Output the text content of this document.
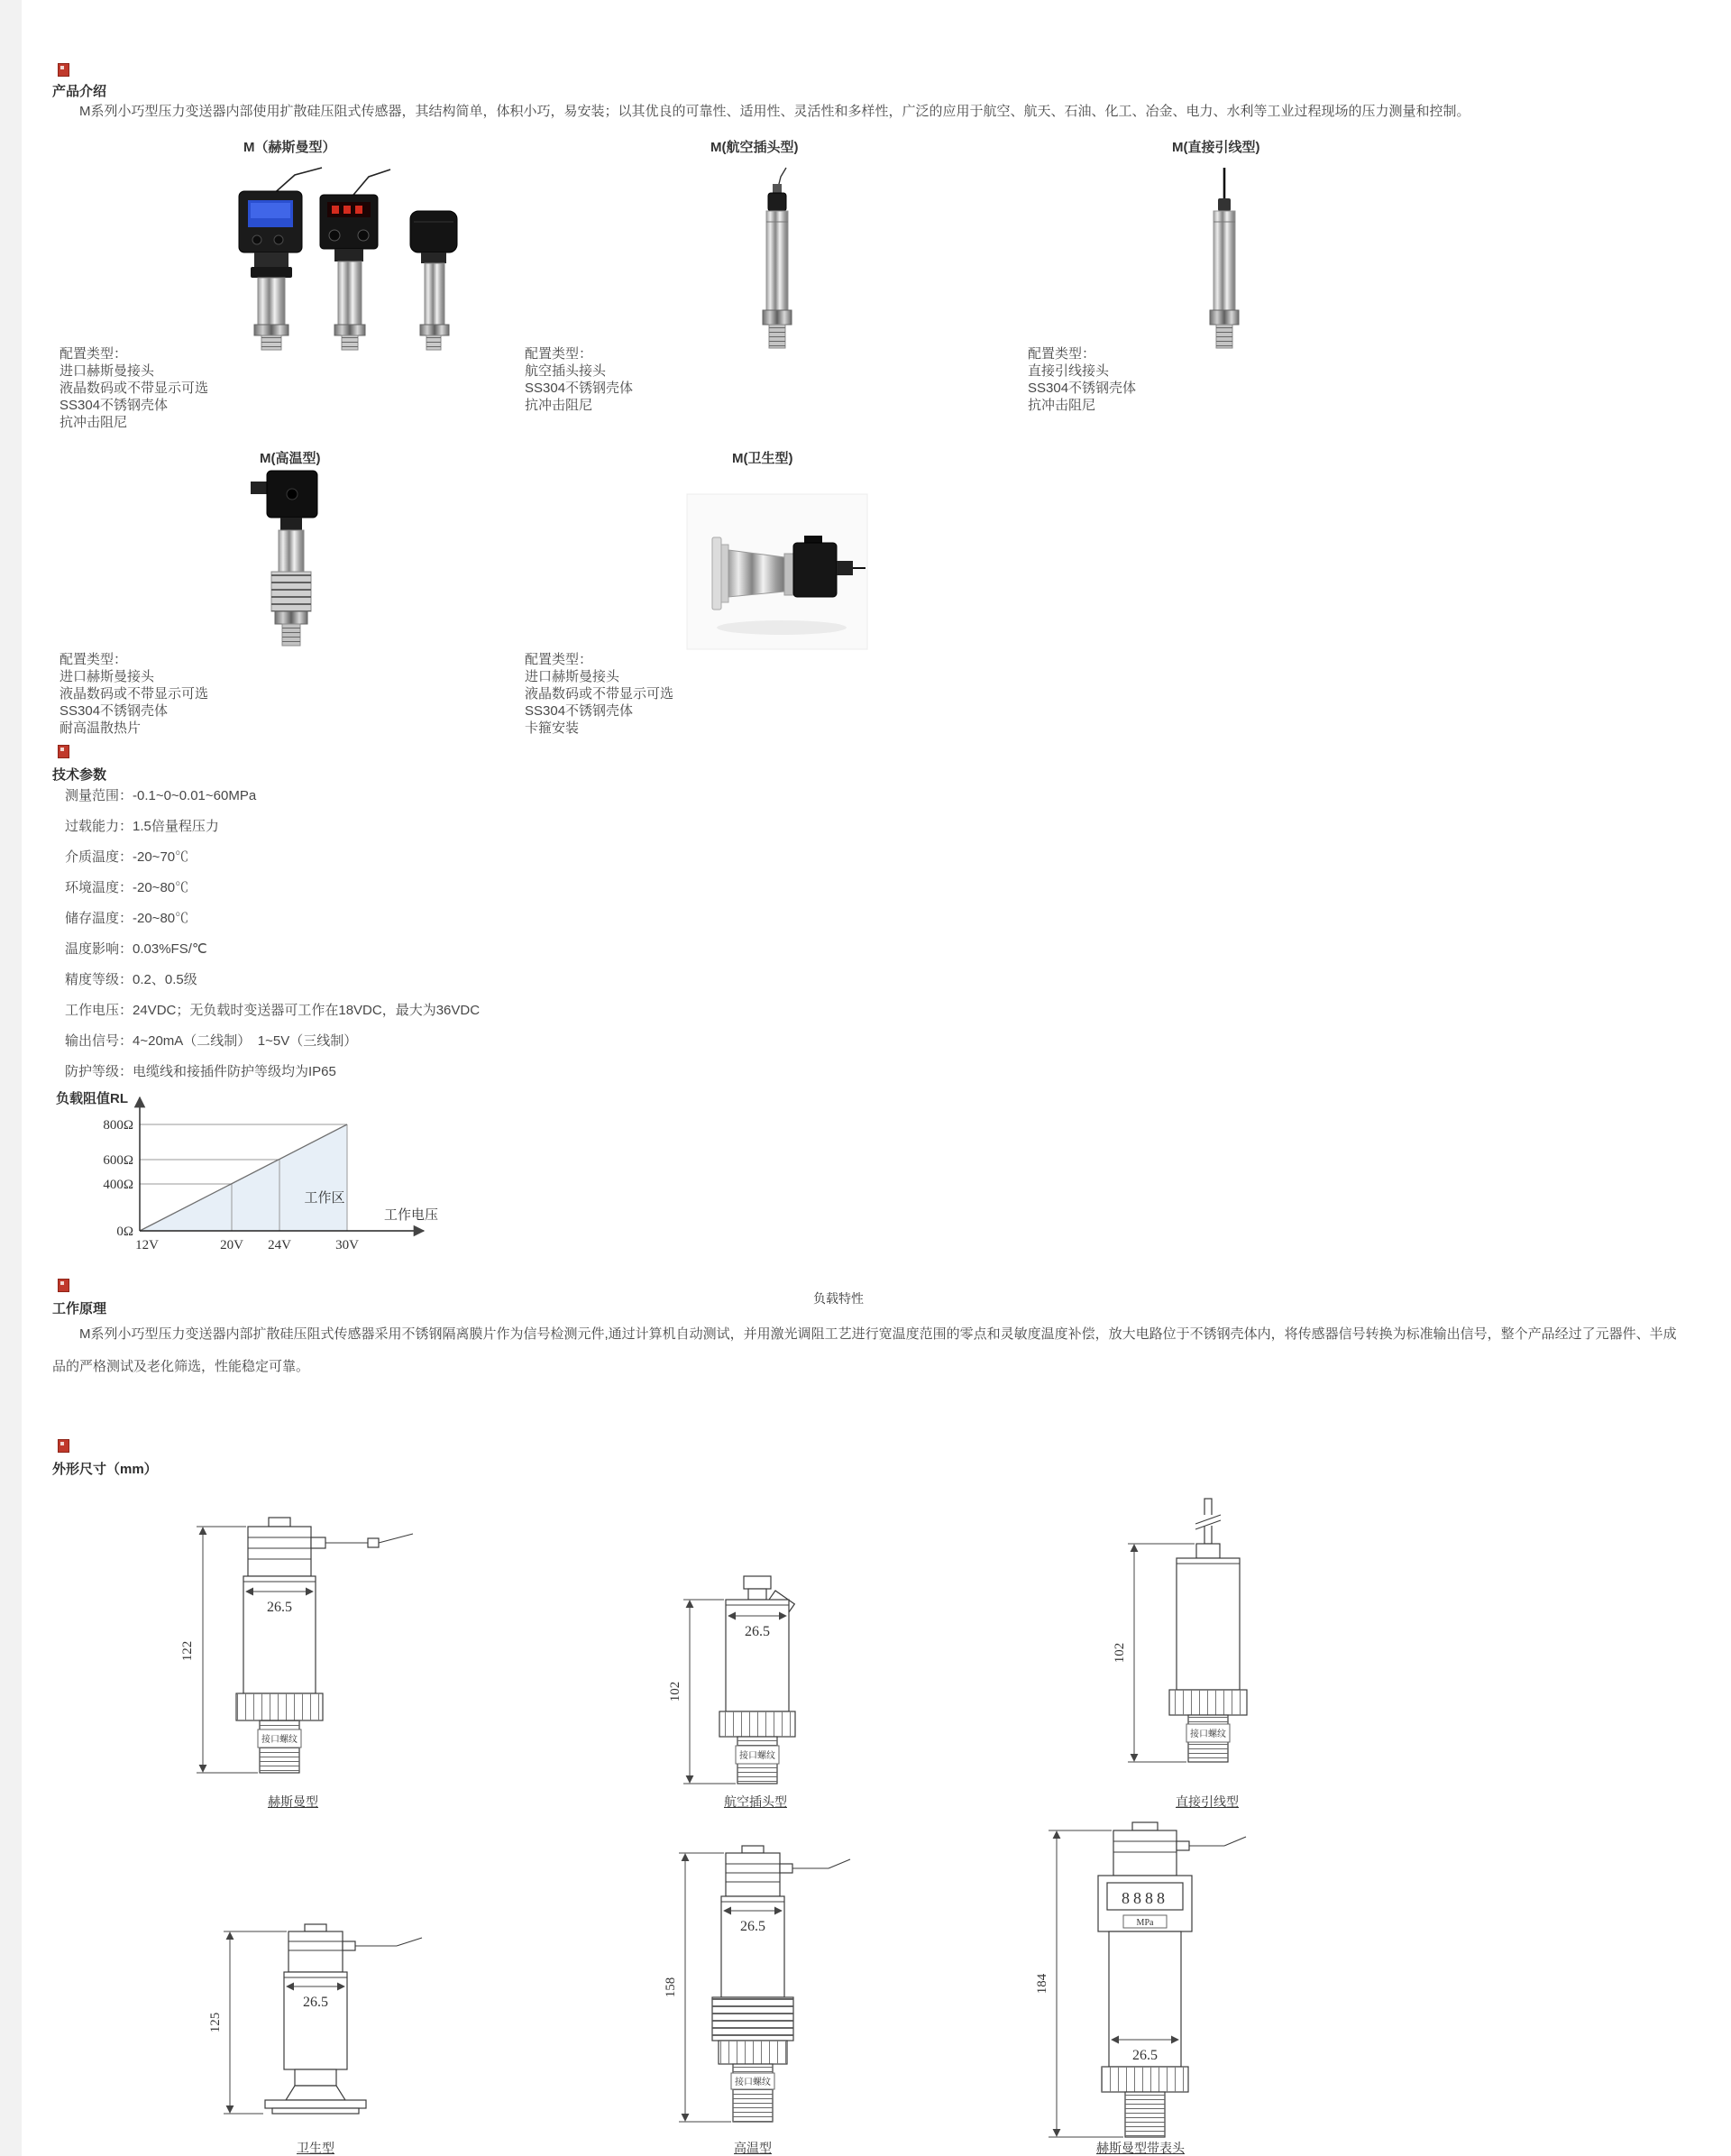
产品介绍
M系列小巧型压力变送器内部使用扩散硅压阻式传感器，其结构简单，体积小巧，易安装；以其优良的可靠性、适用性、灵活性和多样性，广泛的应用于航空、航天、石油、化工、冶金、电力、水利等工业过程现场的压力测量和控制。
M（赫斯曼型）	M(航空插头型)	M(直接引线型)
配置类型：
进口赫斯曼接头
液晶数码或不带显示可选
SS304不锈钢壳体
抗冲击阻尼
配置类型：
航空插头接头
SS304不锈钢壳体
抗冲击阻尼
配置类型：
直接引线接头
SS304不锈钢壳体
抗冲击阻尼
M(高温型)	M(卫生型)
配置类型：
进口赫斯曼接头
液晶数码或不带显示可选
SS304不锈钢壳体
耐高温散热片
配置类型：
进口赫斯曼接头
液晶数码或不带显示可选
SS304不锈钢壳体
卡箍安装
技术参数
测量范围：-0.1~0~0.01~60MPa
过载能力：1.5倍量程压力
介质温度：-20~70℃
环境温度：-20~80℃
储存温度：-20~80℃
温度影响：0.03%FS/℃
精度等级：0.2、0.5级
工作电压：24VDC；无负载时变送器可工作在18VDC，最大为36VDC
输出信号：4~20mA（二线制）　1~5V（三线制）
防护等级：电缆线和接插件防护等级均为IP65
负载阻值RL
0Ω
400Ω
600Ω
800Ω
12V	20V 24V	30V
工作区
工作电压
负载特性
工作原理
M系列小巧型压力变送器内部扩散硅压阻式传感器采用不锈钢隔离膜片作为信号检测元件,通过计算机自动测试，并用激光调阻工艺进行宽温度范围的零点和灵敏度温度补偿，放大电路位于不锈钢壳体内，将传感器信号转换为标准输出信号，整个产品经过了元器件、半成品的严格测试及老化筛选，性能稳定可靠。
外形尺寸（mm）
26.5
接口螺纹
122
赫斯曼型
26.5
接口螺纹
102
航空插头型
接口螺纹
102
直接引线型
26.5
125
卫生型
26.5
接口螺纹
158
高温型
8888
MPa
26.5
184
赫斯曼型带表头
